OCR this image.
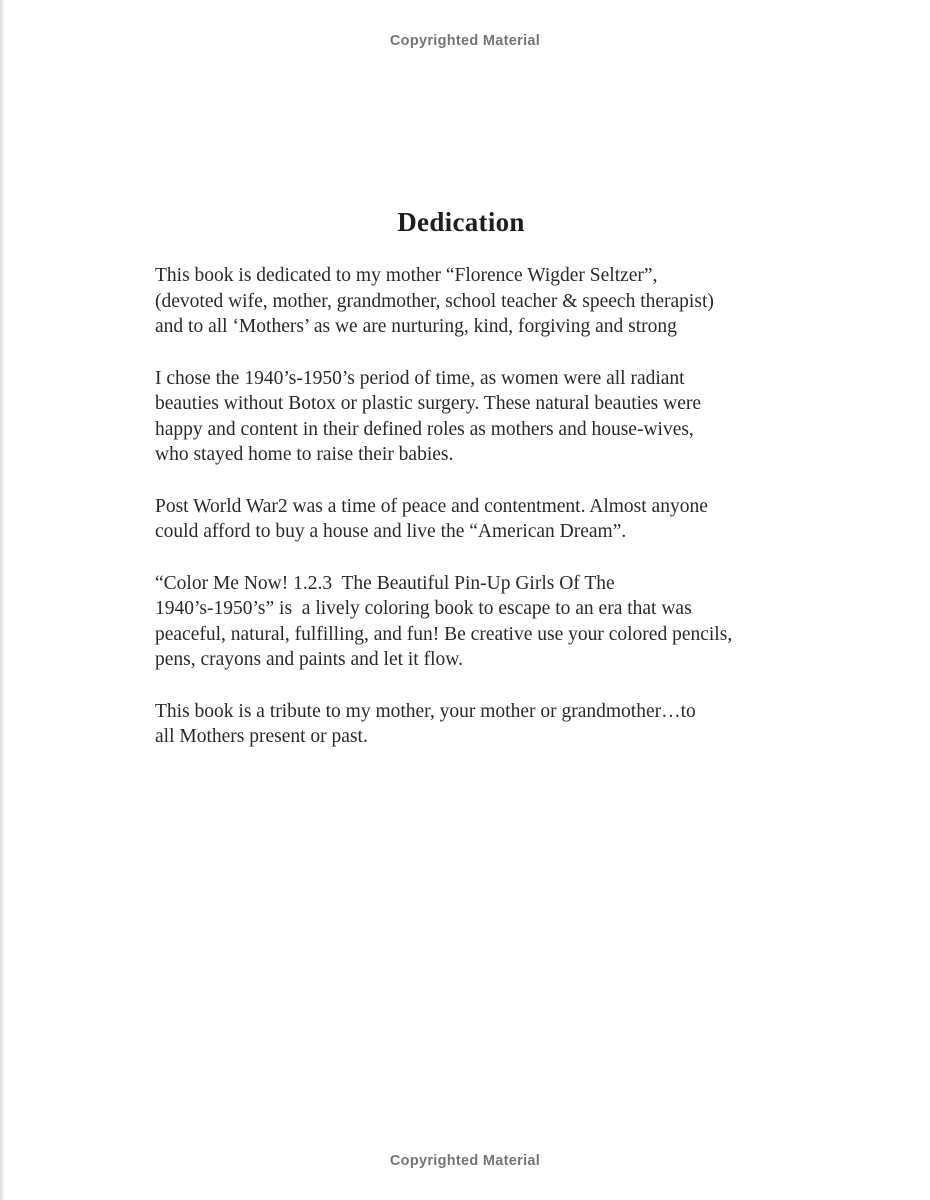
Copyrighted Material
Dedication
This book is dedicated to my mother “Florence Wigder Seltzer”,
(devoted wife, mother, grandmother, school teacher & speech therapist)
and to all ‘Mothers’ as we are nurturing, kind, forgiving and strong
I chose the 1940’s-1950’s period of time, as women were all radiant
beauties without Botox or plastic surgery. These natural beauties were
happy and content in their defined roles as mothers and house-wives,
who stayed home to raise their babies.
Post World War2 was a time of peace and contentment. Almost anyone
could afford to buy a house and live the “American Dream”.
“Color Me Now! 1.2.3  The Beautiful Pin-Up Girls Of The
1940’s-1950’s” is  a lively coloring book to escape to an era that was
peaceful, natural, fulfilling, and fun! Be creative use your colored pencils,
pens, crayons and paints and let it flow.
This book is a tribute to my mother, your mother or grandmother…to
all Mothers present or past.
Copyrighted Material
